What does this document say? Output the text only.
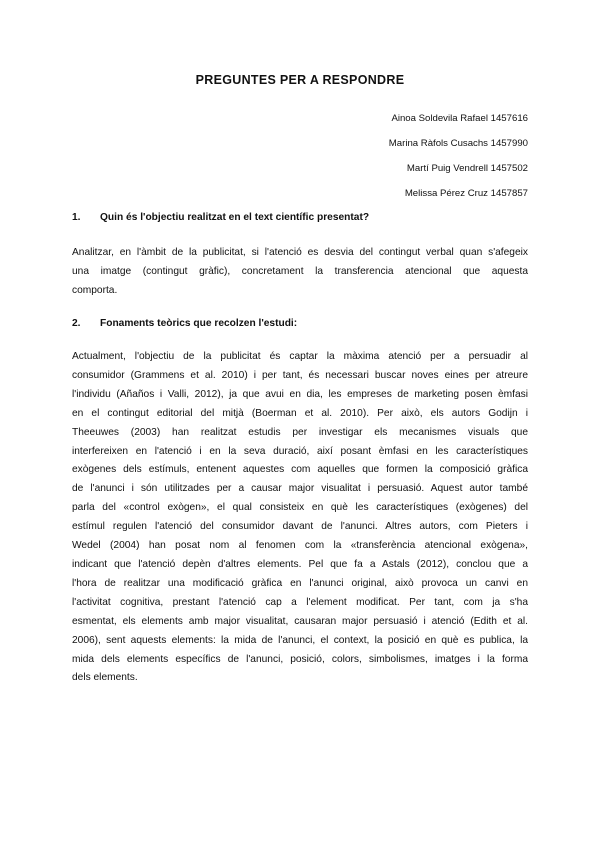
PREGUNTES PER A RESPONDRE
Ainoa Soldevila Rafael 1457616
Marina Ràfols Cusachs 1457990
Martí Puig Vendrell 1457502
Melissa Pérez Cruz 1457857
1. Quin és l'objectiu realitzat en el text científic presentat?
Analitzar, en l'àmbit de la publicitat, si l'atenció es desvia del contingut verbal quan s'afegeix
una imatge (contingut gràfic), concretament la transferencia atencional que aquesta
comporta.
2. Fonaments teòrics que recolzen l'estudi:
Actualment, l'objectiu de la publicitat és captar la màxima atenció per a persuadir al
consumidor (Grammens et al. 2010) i per tant, és necessari buscar noves eines per atreure
l'individu (Añaños i Valli, 2012), ja que avui en dia, les empreses de marketing posen èmfasi
en el contingut editorial del mitjà (Boerman et al. 2010). Per això, els autors Godijn i
Theeuwes (2003) han realitzat estudis per investigar els mecanismes visuals que
interfereixen en l'atenció i en la seva duració, així posant èmfasi en les característiques
exògenes dels estímuls, entenent aquestes com aquelles que formen la composició gràfica
de l'anunci i són utilitzades per a causar major visualitat i persuasió. Aquest autor també
parla del «control exògen», el qual consisteix en què les característiques (exògenes) del
estímul regulen l'atenció del consumidor davant de l'anunci. Altres autors, com Pieters i
Wedel (2004) han posat nom al fenomen com la «transferència atencional exògena»,
indicant que l'atenció depèn d'altres elements. Pel que fa a Astals (2012), conclou que a
l'hora de realitzar una modificació gràfica en l'anunci original, això provoca un canvi en
l'activitat cognitiva, prestant l'atenció cap a l'element modificat. Per tant, com ja s'ha
esmentat, els elements amb major visualitat, causaran major persuasió i atenció (Edith et al.
2006), sent aquests elements: la mida de l'anunci, el context, la posició en què es publica, la
mida dels elements específics de l'anunci, posició, colors, simbolismes, imatges i la forma
dels elements.
